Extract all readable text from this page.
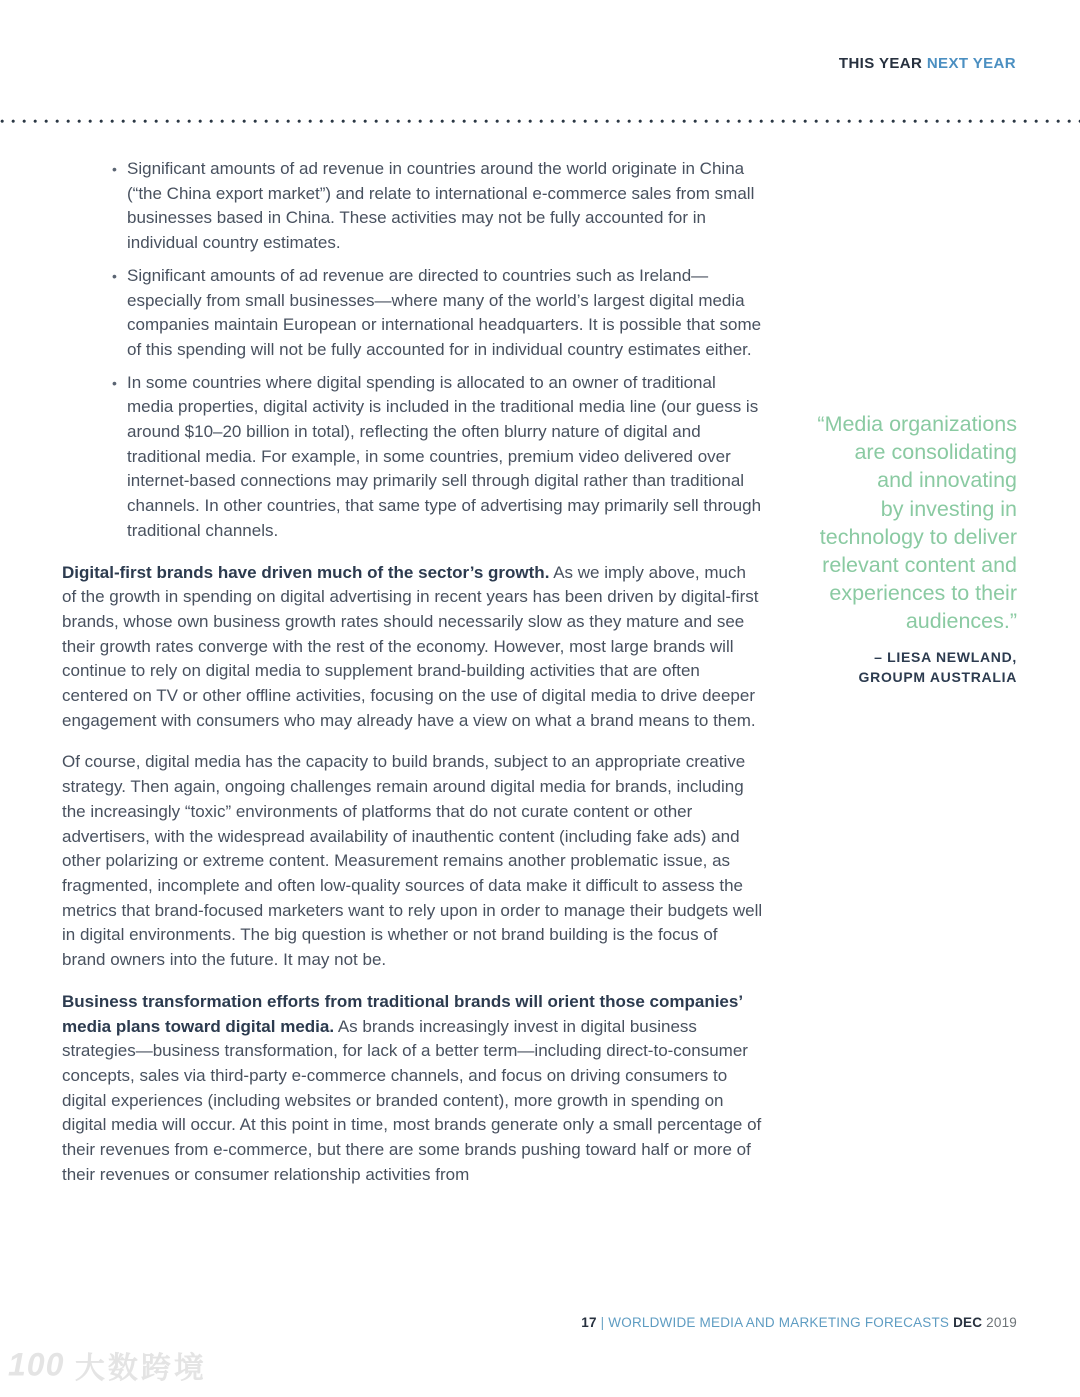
THIS YEAR NEXT YEAR
• Significant amounts of ad revenue in countries around the world originate in China (“the China export market”) and relate to international e-commerce sales from small businesses based in China. These activities may not be fully accounted for in individual country estimates.
• Significant amounts of ad revenue are directed to countries such as Ireland—especially from small businesses—where many of the world’s largest digital media companies maintain European or international headquarters. It is possible that some of this spending will not be fully accounted for in individual country estimates either.
• In some countries where digital spending is allocated to an owner of traditional media properties, digital activity is included in the traditional media line (our guess is around $10–20 billion in total), reflecting the often blurry nature of digital and traditional media. For example, in some countries, premium video delivered over internet-based connections may primarily sell through digital rather than traditional channels. In other countries, that same type of advertising may primarily sell through traditional channels.

Digital-first brands have driven much of the sector’s growth. As we imply above, much of the growth in spending on digital advertising in recent years has been driven by digital-first brands, whose own business growth rates should necessarily slow as they mature and see their growth rates converge with the rest of the economy. However, most large brands will continue to rely on digital media to supplement brand-building activities that are often centered on TV or other offline activities, focusing on the use of digital media to drive deeper engagement with consumers who may already have a view on what a brand means to them.

Of course, digital media has the capacity to build brands, subject to an appropriate creative strategy. Then again, ongoing challenges remain around digital media for brands, including the increasingly “toxic” environments of platforms that do not curate content or other advertisers, with the widespread availability of inauthentic content (including fake ads) and other polarizing or extreme content. Measurement remains another problematic issue, as fragmented, incomplete and often low-quality sources of data make it difficult to assess the metrics that brand-focused marketers want to rely upon in order to manage their budgets well in digital environments. The big question is whether or not brand building is the focus of brand owners into the future. It may not be.

Business transformation efforts from traditional brands will orient those companies’ media plans toward digital media. As brands increasingly invest in digital business strategies—business transformation, for lack of a better term—including direct-to-consumer concepts, sales via third-party e-commerce channels, and focus on driving consumers to digital experiences (including websites or branded content), more growth in spending on digital media will occur. At this point in time, most brands generate only a small percentage of their revenues from e-commerce, but there are some brands pushing toward half or more of their revenues or consumer relationship activities from

“Media organizations
are consolidating
and innovating
by investing in
technology to deliver
relevant content and
experiences to their
audiences.”
– LIESA NEWLAND,
GROUPM AUSTRALIA
17 | WORLDWIDE MEDIA AND MARKETING FORECASTS DEC 2019
100 大数跨境
